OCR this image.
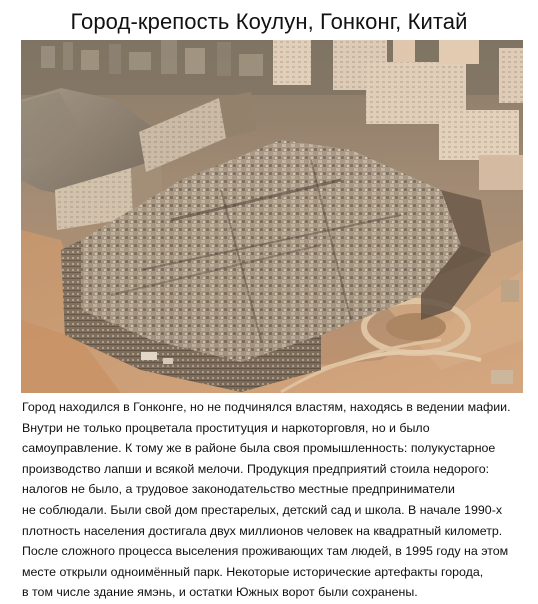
Город-крепость Коулун, Гонконг, Китай
Город находился в Гонконге, но не подчинялся властям, находясь в ведении мафии.
Внутри не только процветала проституция и наркоторговля, но и было
самоуправление. К тому же в районе была своя промышленность: полукустарное
производство лапши и всякой мелочи. Продукция предприятий стоила недорого:
налогов не было, а трудовое законодательство местные предприниматели
не соблюдали. Были свой дом престарелых, детский сад и школа. В начале 1990-х
плотность населения достигала двух миллионов человек на квадратный километр.
После сложного процесса выселения проживающих там людей, в 1995 году на этом
месте открыли одноимённый парк. Некоторые исторические артефакты города,
в том числе здание ямэнь, и остатки Южных ворот были сохранены.
